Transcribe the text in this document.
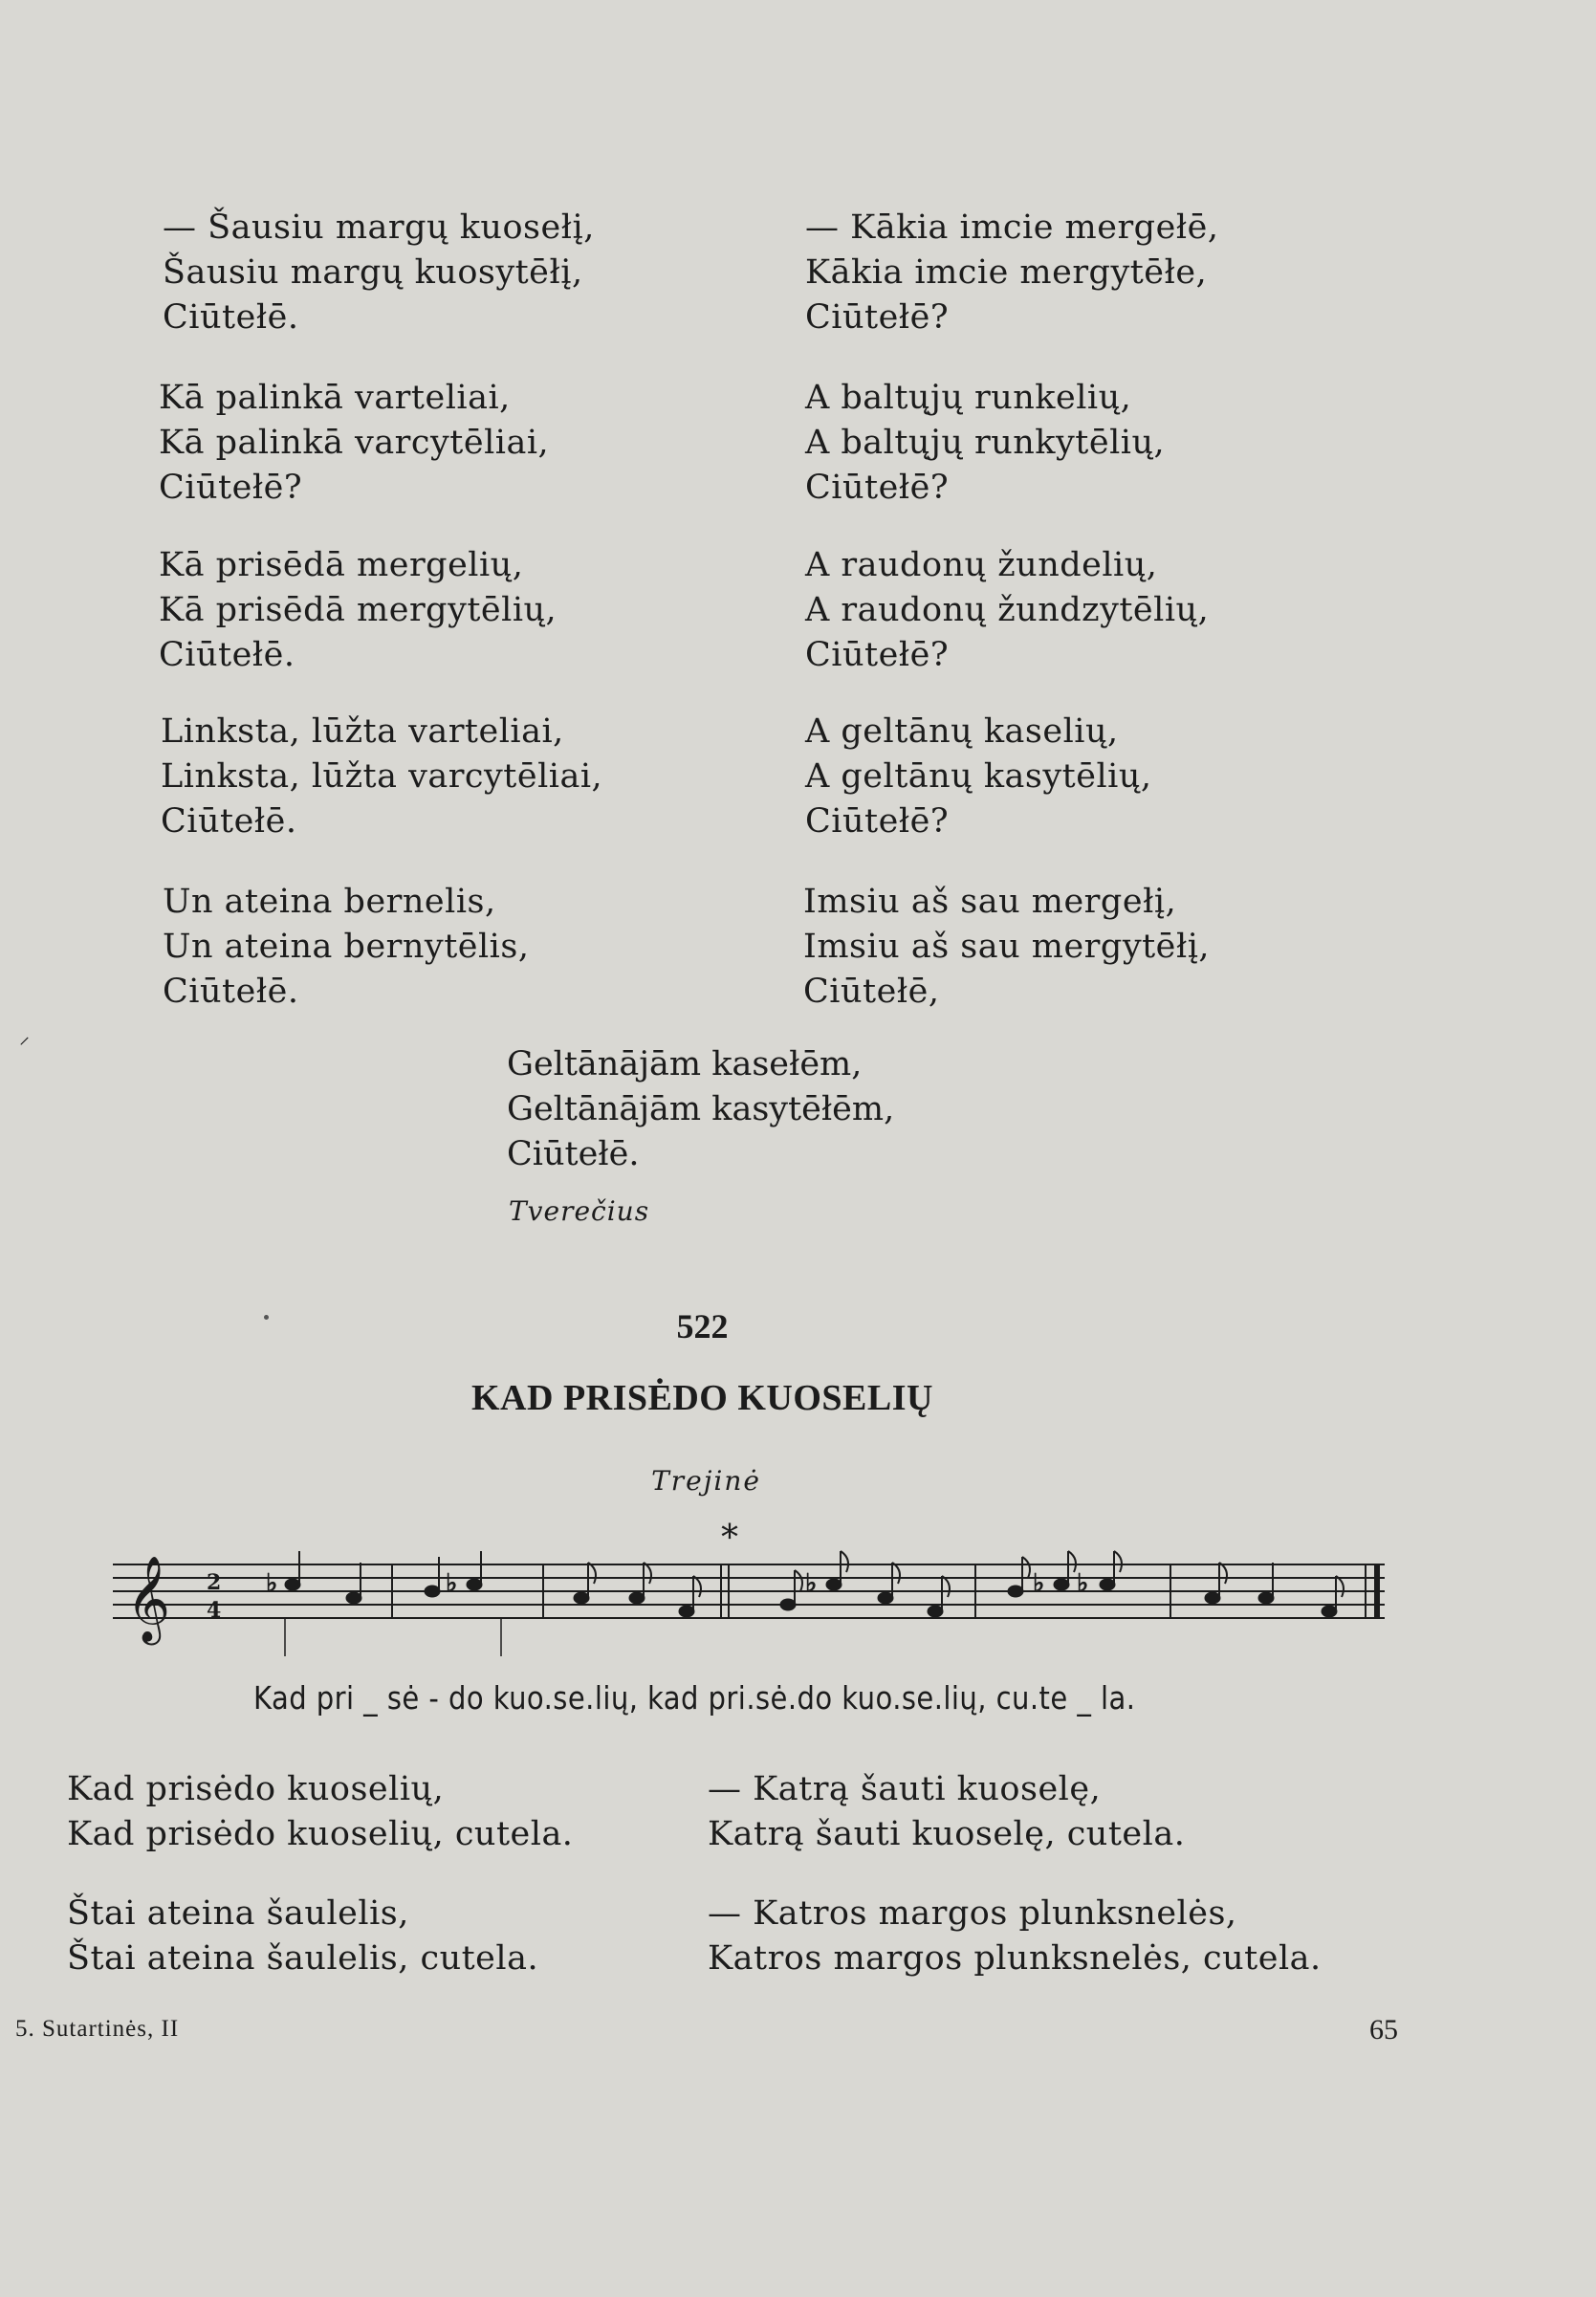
— Šausiu margų kuosełį,
Šausiu margų kuosytēłį,
Ciūtełē.
Kā palinkā varteliai,
Kā palinkā varcytēliai,
Ciūtełē?
Kā prisēdā mergelių,
Kā prisēdā mergytēlių,
Ciūtełē.
Linksta, lūžta varteliai,
Linksta, lūžta varcytēliai,
Ciūtełē.
Un ateina bernelis,
Un ateina bernytēlis,
Ciūtełē.
— Kākia imcie mergełē,
Kākia imcie mergytēłe,
Ciūtełē?
A baltųjų runkelių,
A baltųjų runkytēlių,
Ciūtełē?
A raudonų žundelių,
A raudonų žundzytēlių,
Ciūtełē?
A geltānų kaselių,
A geltānų kasytēlių,
Ciūtełē?
Imsiu aš sau mergełį,
Imsiu aš sau mergytēłį,
Ciūtełē,
Geltānājām kasełēm,
Geltānājām kasytēłēm,
Ciūtełē.
Tverečius
⸝
522
KAD PRISĖDO KUOSELIŲ
Trejinė
*
𝄞 2
4
♭	♭	♭	♭ ♭
Kad pri _ sė - do kuo.se.lių, kad pri.sė.do kuo.se.lių, cu.te _ la.
Kad prisėdo kuoselių,
Kad prisėdo kuoselių, cutela.
Štai ateina šaulelis,
Štai ateina šaulelis, cutela.
— Katrą šauti kuoselę,
Katrą šauti kuoselę, cutela.
— Katros margos plunksnelės,
Katros margos plunksnelės, cutela.
5. Sutartinės, II	65
